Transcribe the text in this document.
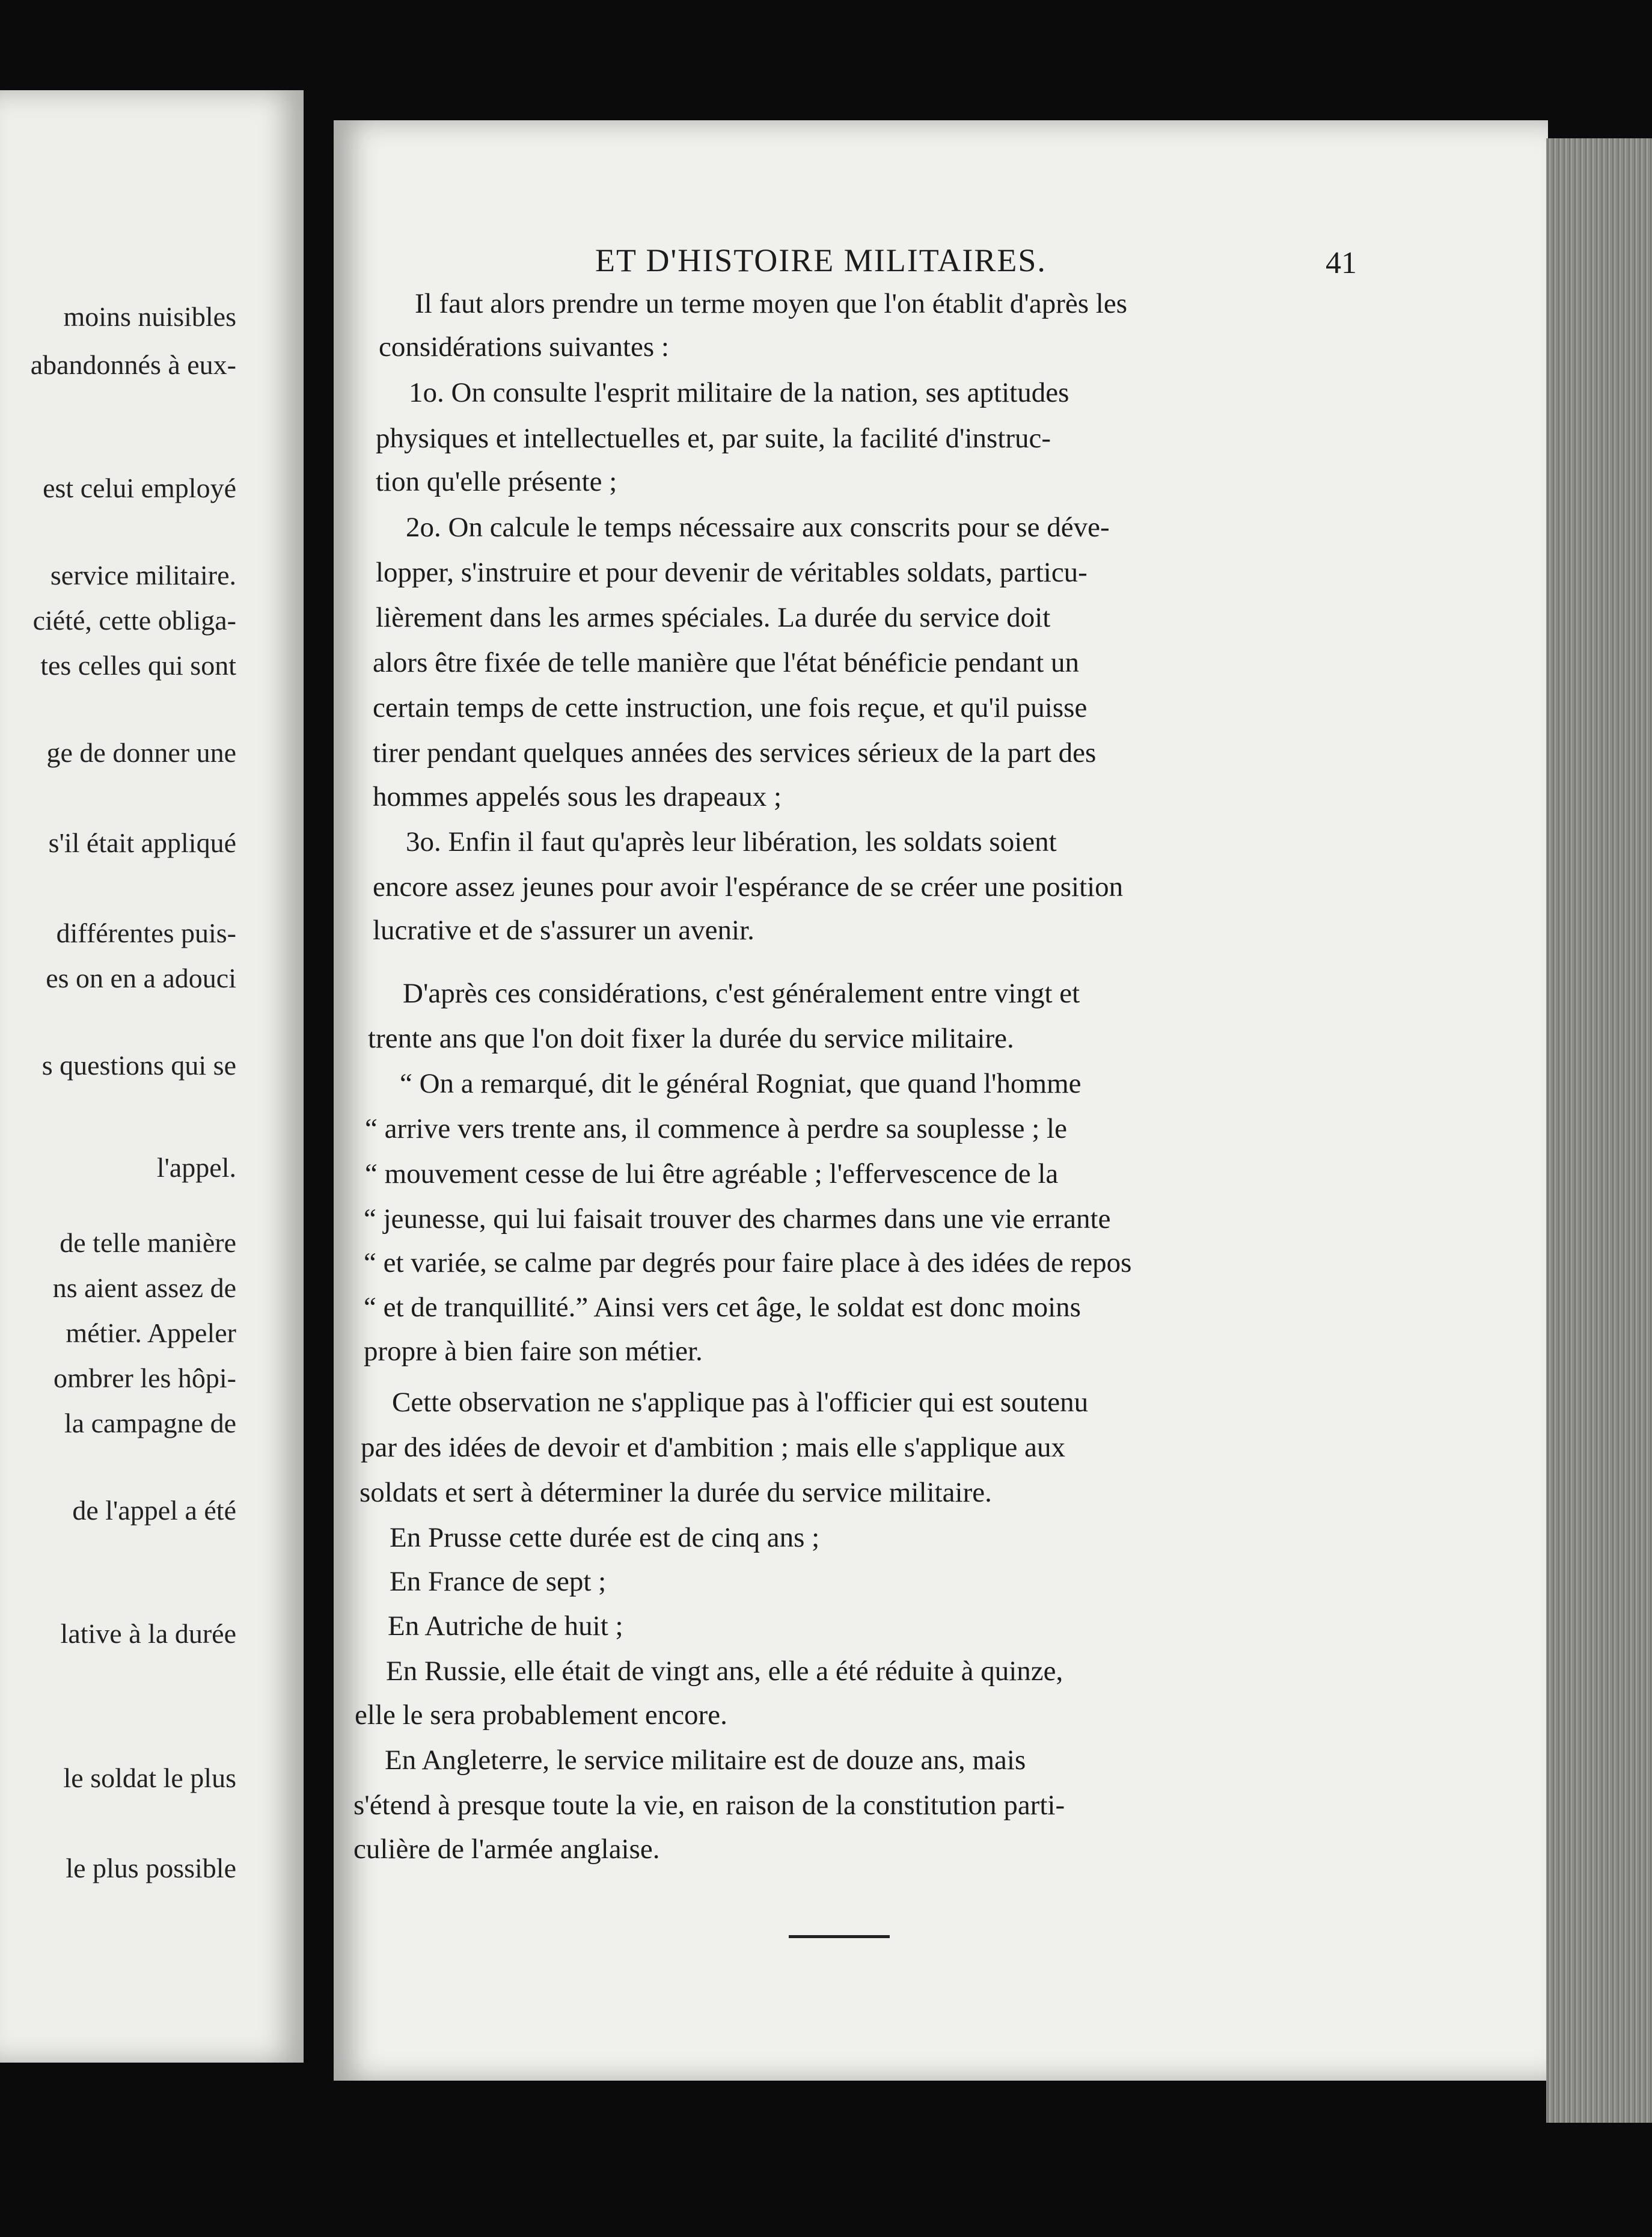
moins nuisibles
abandonnés à eux-
est celui employé
service militaire.
ciété, cette obliga-
tes celles qui sont
ge de donner une
s'il était appliqué
différentes puis-
es on en a adouci
s questions qui se
l'appel.
de telle manière
ns aient assez de
métier. Appeler
ombrer les hôpi-
la campagne de
de l'appel a été
lative à la durée
le soldat le plus
le plus possible
ET D'HISTOIRE MILITAIRES.	41
Il faut alors prendre un terme moyen que l'on établit d'après les
considérations suivantes :
1o. On consulte l'esprit militaire de la nation, ses aptitudes
physiques et intellectuelles et, par suite, la facilité d'instruc-
tion qu'elle présente ;
2o. On calcule le temps nécessaire aux conscrits pour se déve-
lopper, s'instruire et pour devenir de véritables soldats, particu-
lièrement dans les armes spéciales. La durée du service doit
alors être fixée de telle manière que l'état bénéficie pendant un
certain temps de cette instruction, une fois reçue, et qu'il puisse
tirer pendant quelques années des services sérieux de la part des
hommes appelés sous les drapeaux ;
3o. Enfin il faut qu'après leur libération, les soldats soient
encore assez jeunes pour avoir l'espérance de se créer une position
lucrative et de s'assurer un avenir.
D'après ces considérations, c'est généralement entre vingt et
trente ans que l'on doit fixer la durée du service militaire.
“ On a remarqué, dit le général Rogniat, que quand l'homme
“ arrive vers trente ans, il commence à perdre sa souplesse ; le
“ mouvement cesse de lui être agréable ; l'effervescence de la
“ jeunesse, qui lui faisait trouver des charmes dans une vie errante
“ et variée, se calme par degrés pour faire place à des idées de repos
“ et de tranquillité.” Ainsi vers cet âge, le soldat est donc moins
propre à bien faire son métier.
Cette observation ne s'applique pas à l'officier qui est soutenu
par des idées de devoir et d'ambition ; mais elle s'applique aux
soldats et sert à déterminer la durée du service militaire.
En Prusse cette durée est de cinq ans ;
En France de sept ;
En Autriche de huit ;
En Russie, elle était de vingt ans, elle a été réduite à quinze,
elle le sera probablement encore.
En Angleterre, le service militaire est de douze ans, mais
s'étend à presque toute la vie, en raison de la constitution parti-
culière de l'armée anglaise.
